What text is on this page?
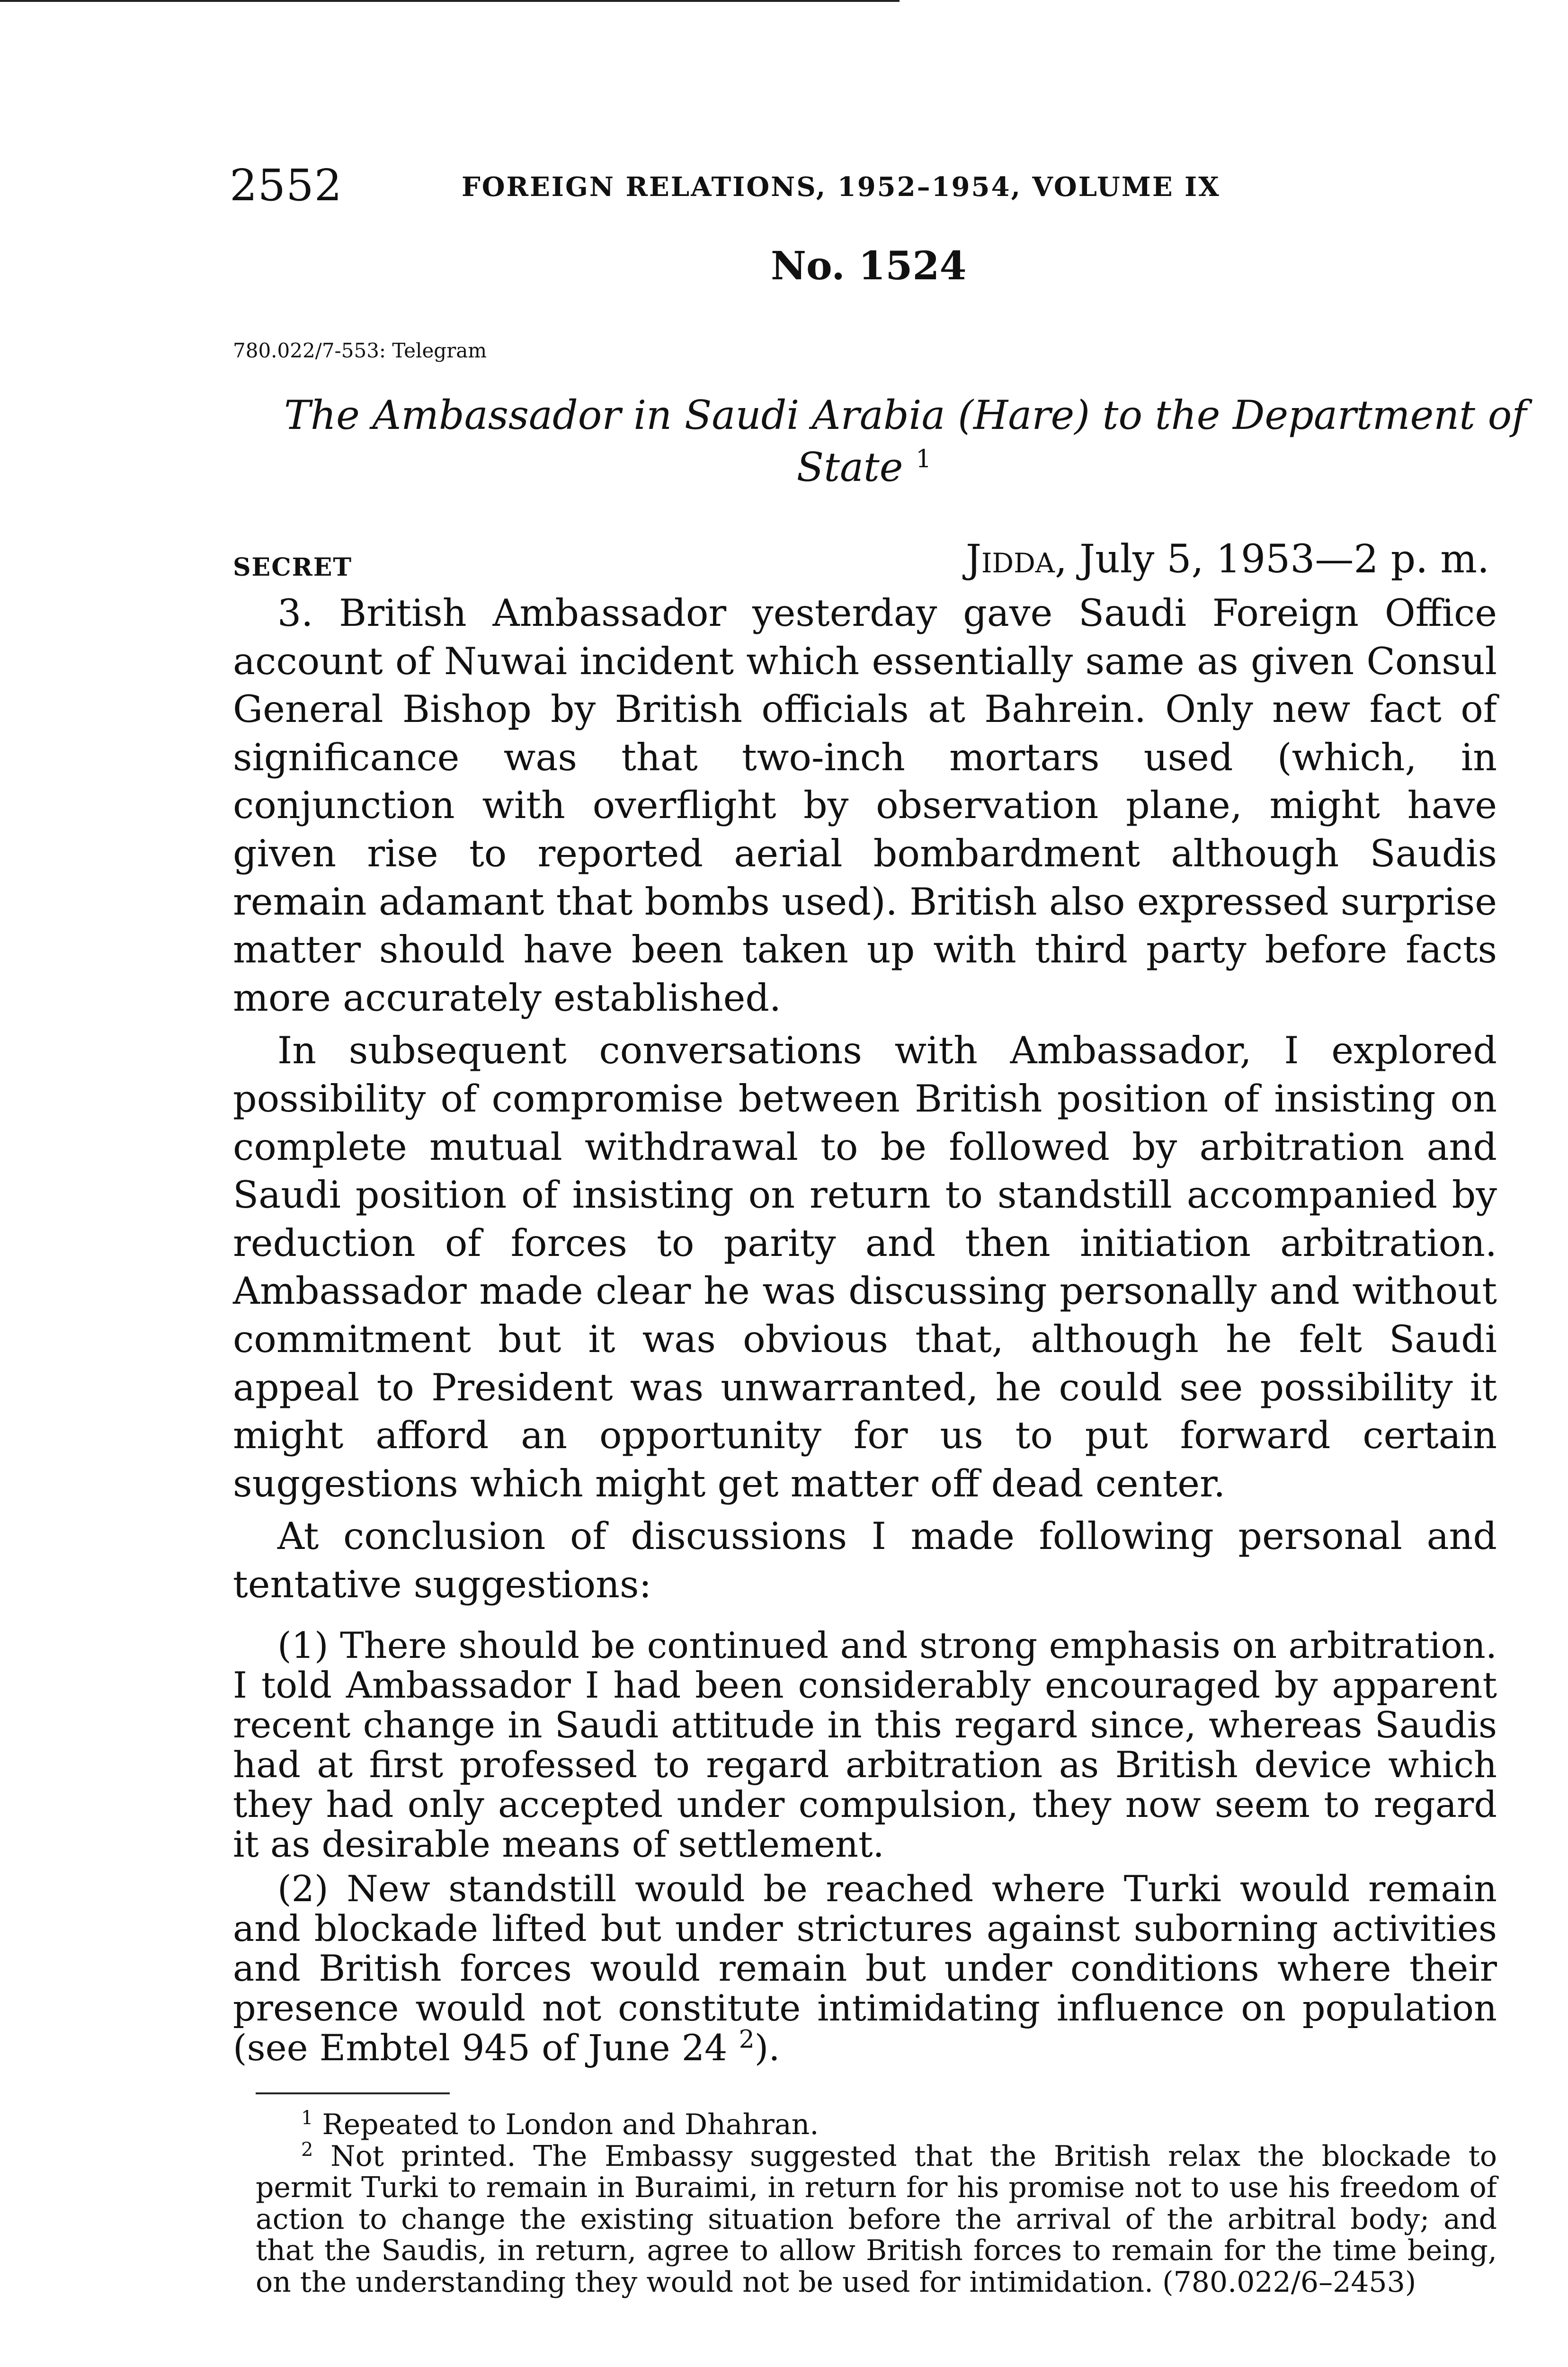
2552	FOREIGN RELATIONS, 1952–1954, VOLUME IX
No. 1524
780.022/7-553: Telegram
The Ambassador in Saudi Arabia (Hare) to the Department of
State $^1$
SECRET	Jidda, July 5, 1953—2 p. m.

3. British Ambassador yesterday gave Saudi Foreign Office account of Nuwai incident which essentially same as given Consul General Bishop by British officials at Bahrein. Only new fact of significance was that two-inch mortars used (which, in conjunction with overflight by observation plane, might have given rise to reported aerial bombardment although Saudis remain adamant that bombs used). British also expressed surprise matter should have been taken up with third party before facts more accurately established.

In subsequent conversations with Ambassador, I explored possibility of compromise between British position of insisting on complete mutual withdrawal to be followed by arbitration and Saudi position of insisting on return to standstill accompanied by reduction of forces to parity and then initiation arbitration. Ambassador made clear he was discussing personally and without commitment but it was obvious that, although he felt Saudi appeal to President was unwarranted, he could see possibility it might afford an opportunity for us to put forward certain suggestions which might get matter off dead center.

At conclusion of discussions I made following personal and tentative suggestions:

(1) There should be continued and strong emphasis on arbitration. I told Ambassador I had been considerably encouraged by apparent recent change in Saudi attitude in this regard since, whereas Saudis had at first professed to regard arbitration as British device which they had only accepted under compulsion, they now seem to regard it as desirable means of settlement.

(2) New standstill would be reached where Turki would remain and blockade lifted but under strictures against suborning activities and British forces would remain but under conditions where their presence would not constitute intimidating influence on population (see Embtel 945 of June 24 $^2$).

$^1$ Repeated to London and Dhahran.

$^2$ Not printed. The Embassy suggested that the British relax the blockade to permit Turki to remain in Buraimi, in return for his promise not to use his freedom of action to change the existing situation before the arrival of the arbitral body; and that the Saudis, in return, agree to allow British forces to remain for the time being, on the understanding they would not be used for intimidation. (780.022/6–2453)
